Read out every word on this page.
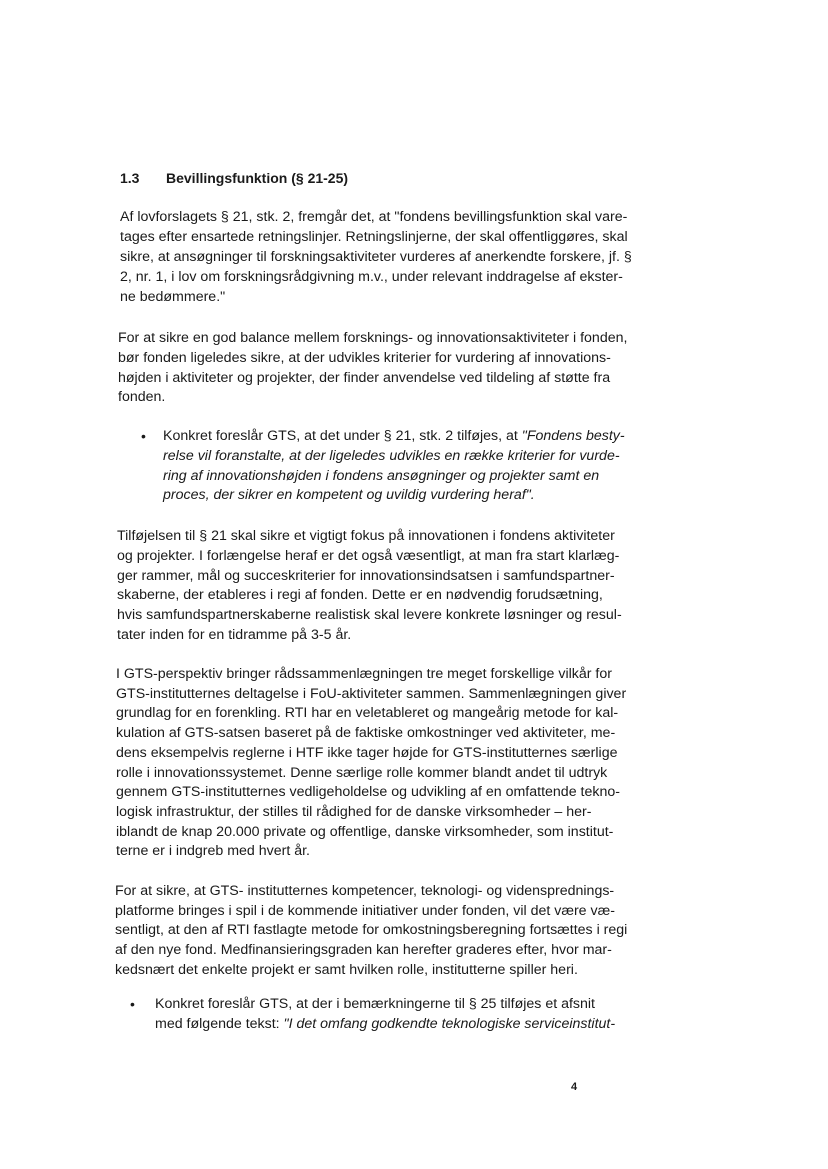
1.3 Bevillingsfunktion (§ 21-25)
Af lovforslagets § 21, stk. 2, fremgår det, at "fondens bevillingsfunktion skal vare-
tages efter ensartede retningslinjer. Retningslinjerne, der skal offentliggøres, skal
sikre, at ansøgninger til forskningsaktiviteter vurderes af anerkendte forskere, jf. §
2, nr. 1, i lov om forskningsrådgivning m.v., under relevant inddragelse af ekster-
ne bedømmere."
For at sikre en god balance mellem forsknings- og innovationsaktiviteter i fonden,
bør fonden ligeledes sikre, at der udvikles kriterier for vurdering af innovations-
højden i aktiviteter og projekter, der finder anvendelse ved tildeling af støtte fra
fonden.
• Konkret foreslår GTS, at det under § 21, stk. 2 tilføjes, at "Fondens besty-
relse vil foranstalte, at der ligeledes udvikles en række kriterier for vurde-
ring af innovationshøjden i fondens ansøgninger og projekter samt en
proces, der sikrer en kompetent og uvildig vurdering heraf".
Tilføjelsen til § 21 skal sikre et vigtigt fokus på innovationen i fondens aktiviteter
og projekter. I forlængelse heraf er det også væsentligt, at man fra start klarlæg-
ger rammer, mål og succeskriterier for innovationsindsatsen i samfundspartner-
skaberne, der etableres i regi af fonden. Dette er en nødvendig forudsætning,
hvis samfundspartnerskaberne realistisk skal levere konkrete løsninger og resul-
tater inden for en tidramme på 3-5 år.
I GTS-perspektiv bringer rådssammenlægningen tre meget forskellige vilkår for
GTS-institutternes deltagelse i FoU-aktiviteter sammen. Sammenlægningen giver
grundlag for en forenkling. RTI har en veletableret og mangeårig metode for kal-
kulation af GTS-satsen baseret på de faktiske omkostninger ved aktiviteter, me-
dens eksempelvis reglerne i HTF ikke tager højde for GTS-institutternes særlige
rolle i innovationssystemet. Denne særlige rolle kommer blandt andet til udtryk
gennem GTS-institutternes vedligeholdelse og udvikling af en omfattende tekno-
logisk infrastruktur, der stilles til rådighed for de danske virksomheder – her-
iblandt de knap 20.000 private og offentlige, danske virksomheder, som institut-
terne er i indgreb med hvert år.
For at sikre, at GTS- institutternes kompetencer, teknologi- og vidensprednings-
platforme bringes i spil i de kommende initiativer under fonden, vil det være væ-
sentligt, at den af RTI fastlagte metode for omkostningsberegning fortsættes i regi
af den nye fond. Medfinansieringsgraden kan herefter graderes efter, hvor mar-
kedsnært det enkelte projekt er samt hvilken rolle, institutterne spiller heri.
• Konkret foreslår GTS, at der i bemærkningerne til § 25 tilføjes et afsnit
med følgende tekst: "I det omfang godkendte teknologiske serviceinstitut-
4
